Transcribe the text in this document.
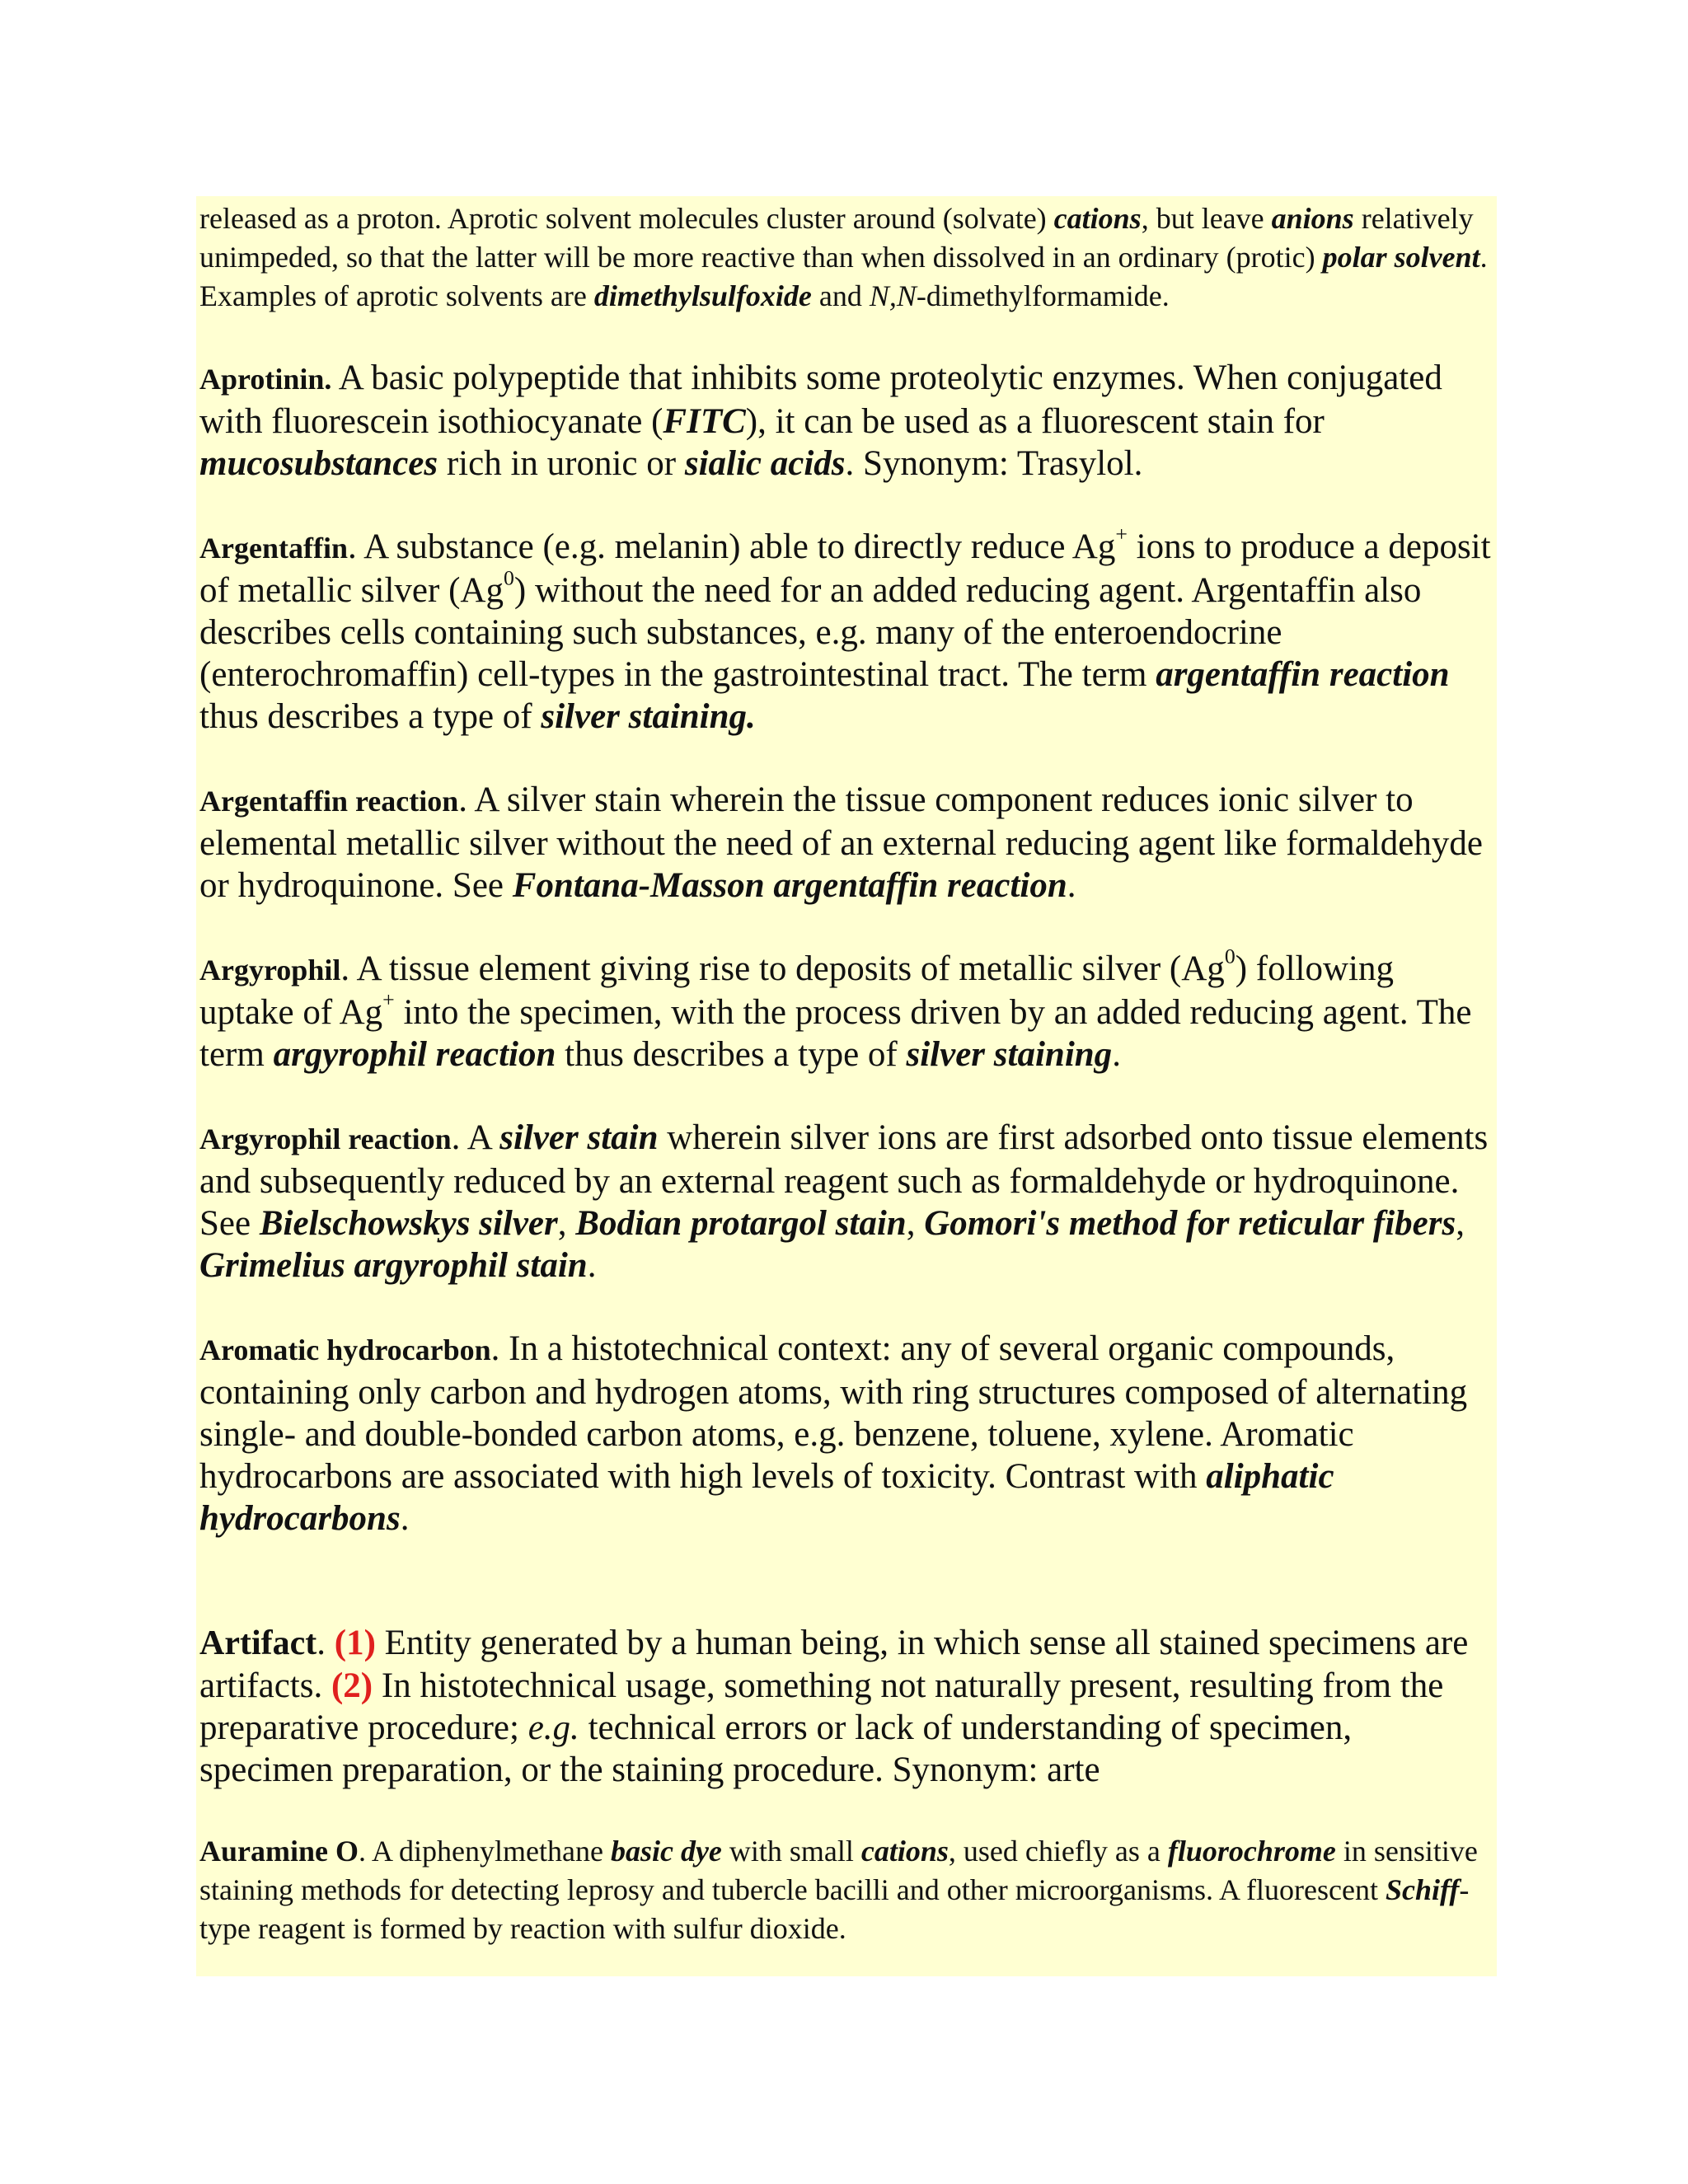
released as a proton. Aprotic solvent molecules cluster around (solvate) cations, but leave anions relatively unimpeded, so that the latter will be more reactive than when dissolved in an ordinary (protic) polar solvent. Examples of aprotic solvents are dimethylsulfoxide and N,N-dimethylformamide.

Aprotinin. A basic polypeptide that inhibits some proteolytic enzymes. When conjugated with fluorescein isothiocyanate (FITC), it can be used as a fluorescent stain for mucosubstances rich in uronic or sialic acids. Synonym: Trasylol.

Argentaffin. A substance (e.g. melanin) able to directly reduce Ag+ ions to produce a deposit of metallic silver (Ag$^0$) without the need for an added reducing agent. Argentaffin also describes cells containing such substances, e.g. many of the enteroendocrine (enterochromaffin) cell-types in the gastrointestinal tract. The term argentaffin reaction thus describes a type of silver staining.

Argentaffin reaction. A silver stain wherein the tissue component reduces ionic silver to elemental metallic silver without the need of an external reducing agent like formaldehyde or hydroquinone. See Fontana-Masson argentaffin reaction.

Argyrophil. A tissue element giving rise to deposits of metallic silver (Ag$^0$) following uptake of Ag+ into the specimen, with the process driven by an added reducing agent. The term argyrophil reaction thus describes a type of silver staining.

Argyrophil reaction. A silver stain wherein silver ions are first adsorbed onto tissue elements and subsequently reduced by an external reagent such as formaldehyde or hydroquinone. See Bielschowskys silver, Bodian protargol stain, Gomori's method for reticular fibers, Grimelius argyrophil stain.

Aromatic hydrocarbon. In a histotechnical context: any of several organic compounds, containing only carbon and hydrogen atoms, with ring structures composed of alternating single- and double-bonded carbon atoms, e.g. benzene, toluene, xylene. Aromatic hydrocarbons are associated with high levels of toxicity. Contrast with aliphatic hydrocarbons.

Artifact. (1) Entity generated by a human being, in which sense all stained specimens are artifacts. (2) In histotechnical usage, something not naturally present, resulting from the preparative procedure; e.g. technical errors or lack of understanding of specimen, specimen preparation, or the staining procedure. Synonym: arte

Auramine O. A diphenylmethane basic dye with small cations, used chiefly as a fluorochrome in sensitive staining methods for detecting leprosy and tubercle bacilli and other microorganisms. A fluorescent Schiff-type reagent is formed by reaction with sulfur dioxide.
